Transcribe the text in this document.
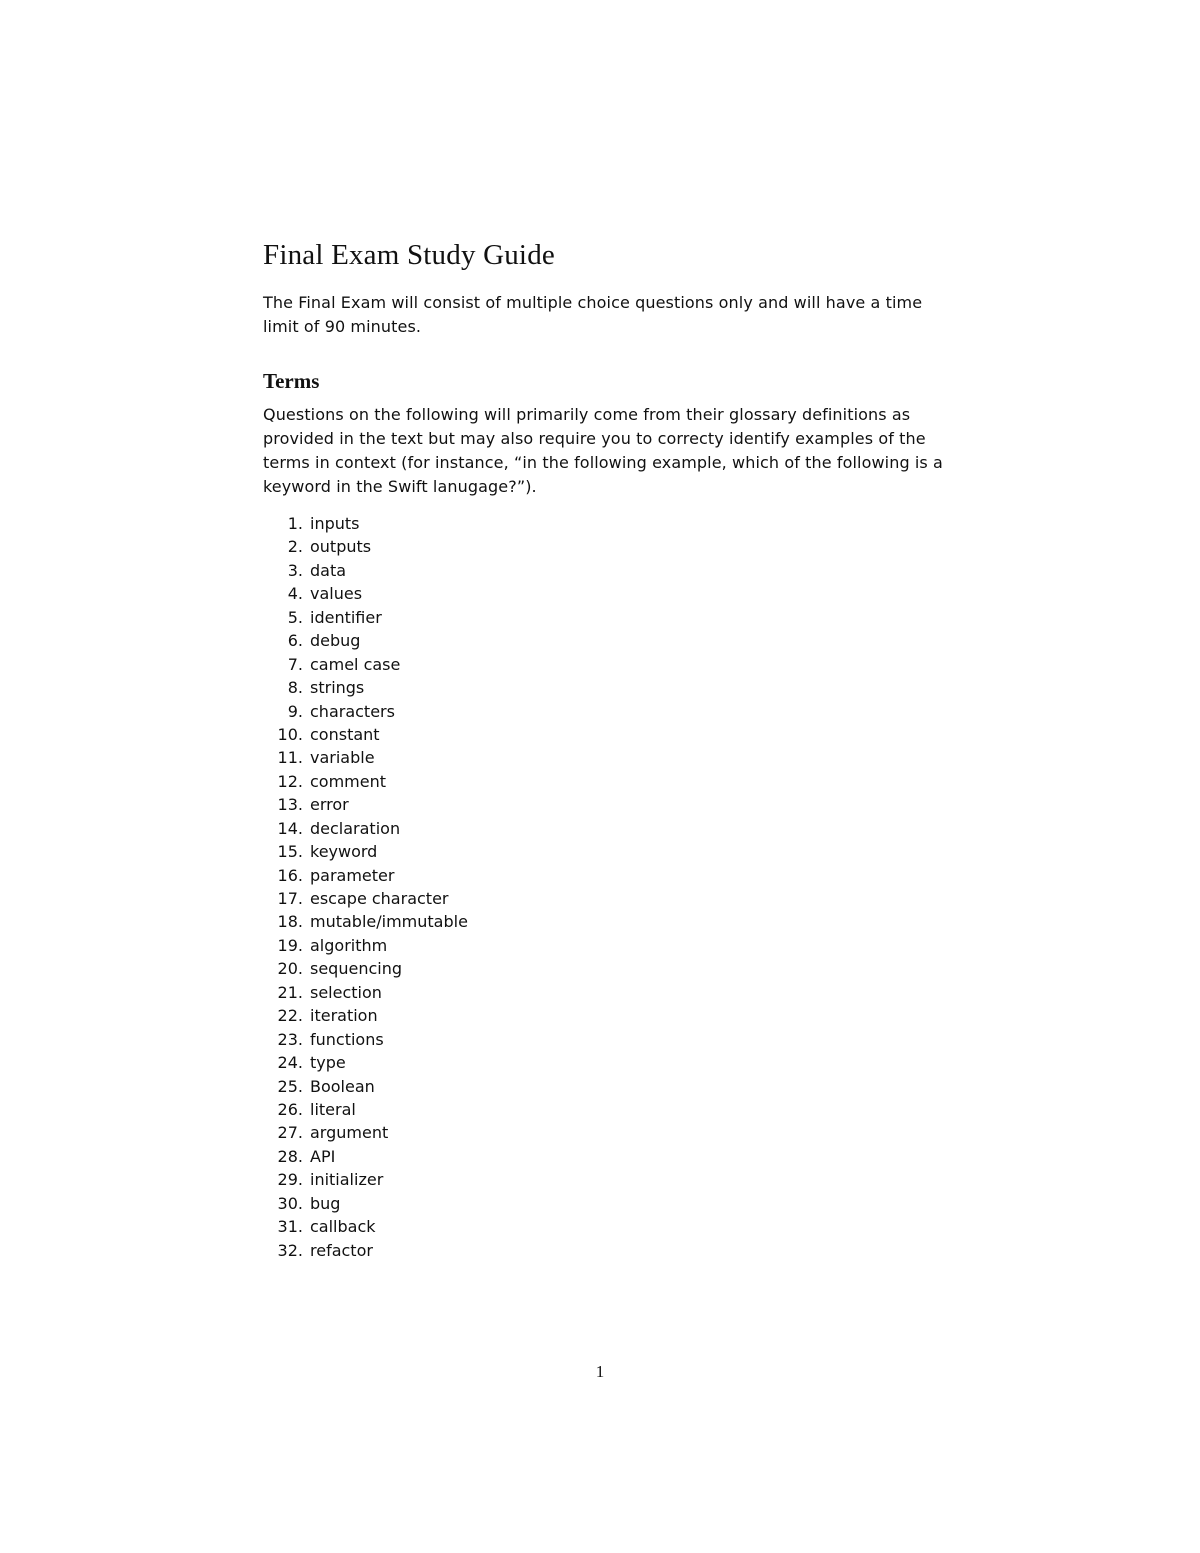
Final Exam Study Guide

The Final Exam will consist of multiple choice questions only and will have a time limit of 90 minutes.

Terms

Questions on the following will primarily come from their glossary definitions as provided in the text but may also require you to correcty identify examples of the terms in context (for instance, “in the following example, which of the following is a keyword in the Swift lanugage?”).

1. inputs
2. outputs
3. data
4. values
5. identifier
6. debug
7. camel case
8. strings
9. characters
10. constant
11. variable
12. comment
13. error
14. declaration
15. keyword
16. parameter
17. escape character
18. mutable/immutable
19. algorithm
20. sequencing
21. selection
22. iteration
23. functions
24. type
25. Boolean
26. literal
27. argument
28. API
29. initializer
30. bug
31. callback
32. refactor
1
